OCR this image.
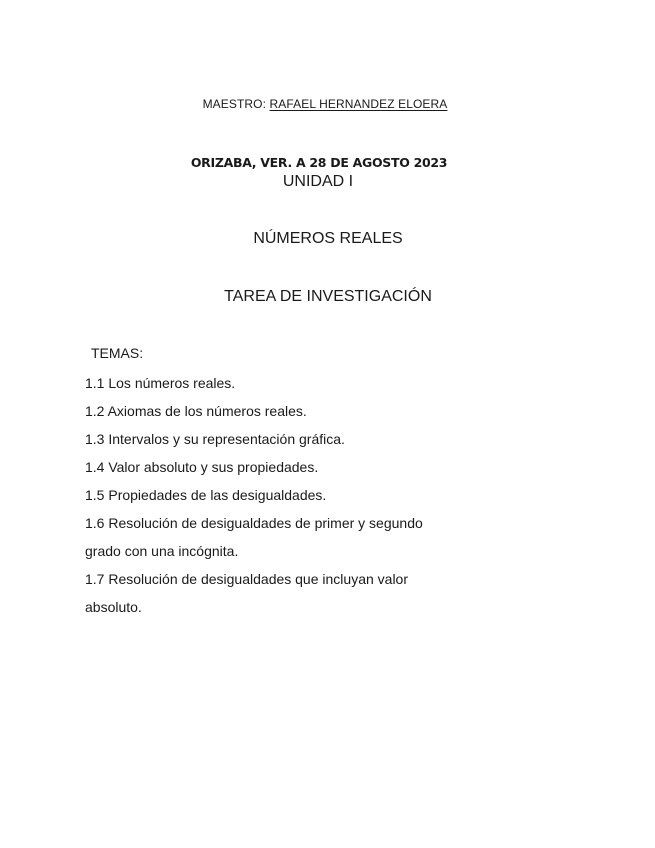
MAESTRO: RAFAEL HERNANDEZ ELOERA
ORIZABA, VER. A 28 DE AGOSTO 2023
UNIDAD I
NÚMEROS REALES
TAREA DE INVESTIGACIÓN
TEMAS:
1.1 Los números reales.
1.2 Axiomas de los números reales.
1.3 Intervalos y su representación gráfica.
1.4 Valor absoluto y sus propiedades.
1.5 Propiedades de las desigualdades.
1.6 Resolución de desigualdades de primer y segundo
grado con una incógnita.
1.7 Resolución de desigualdades que incluyan valor
absoluto.
